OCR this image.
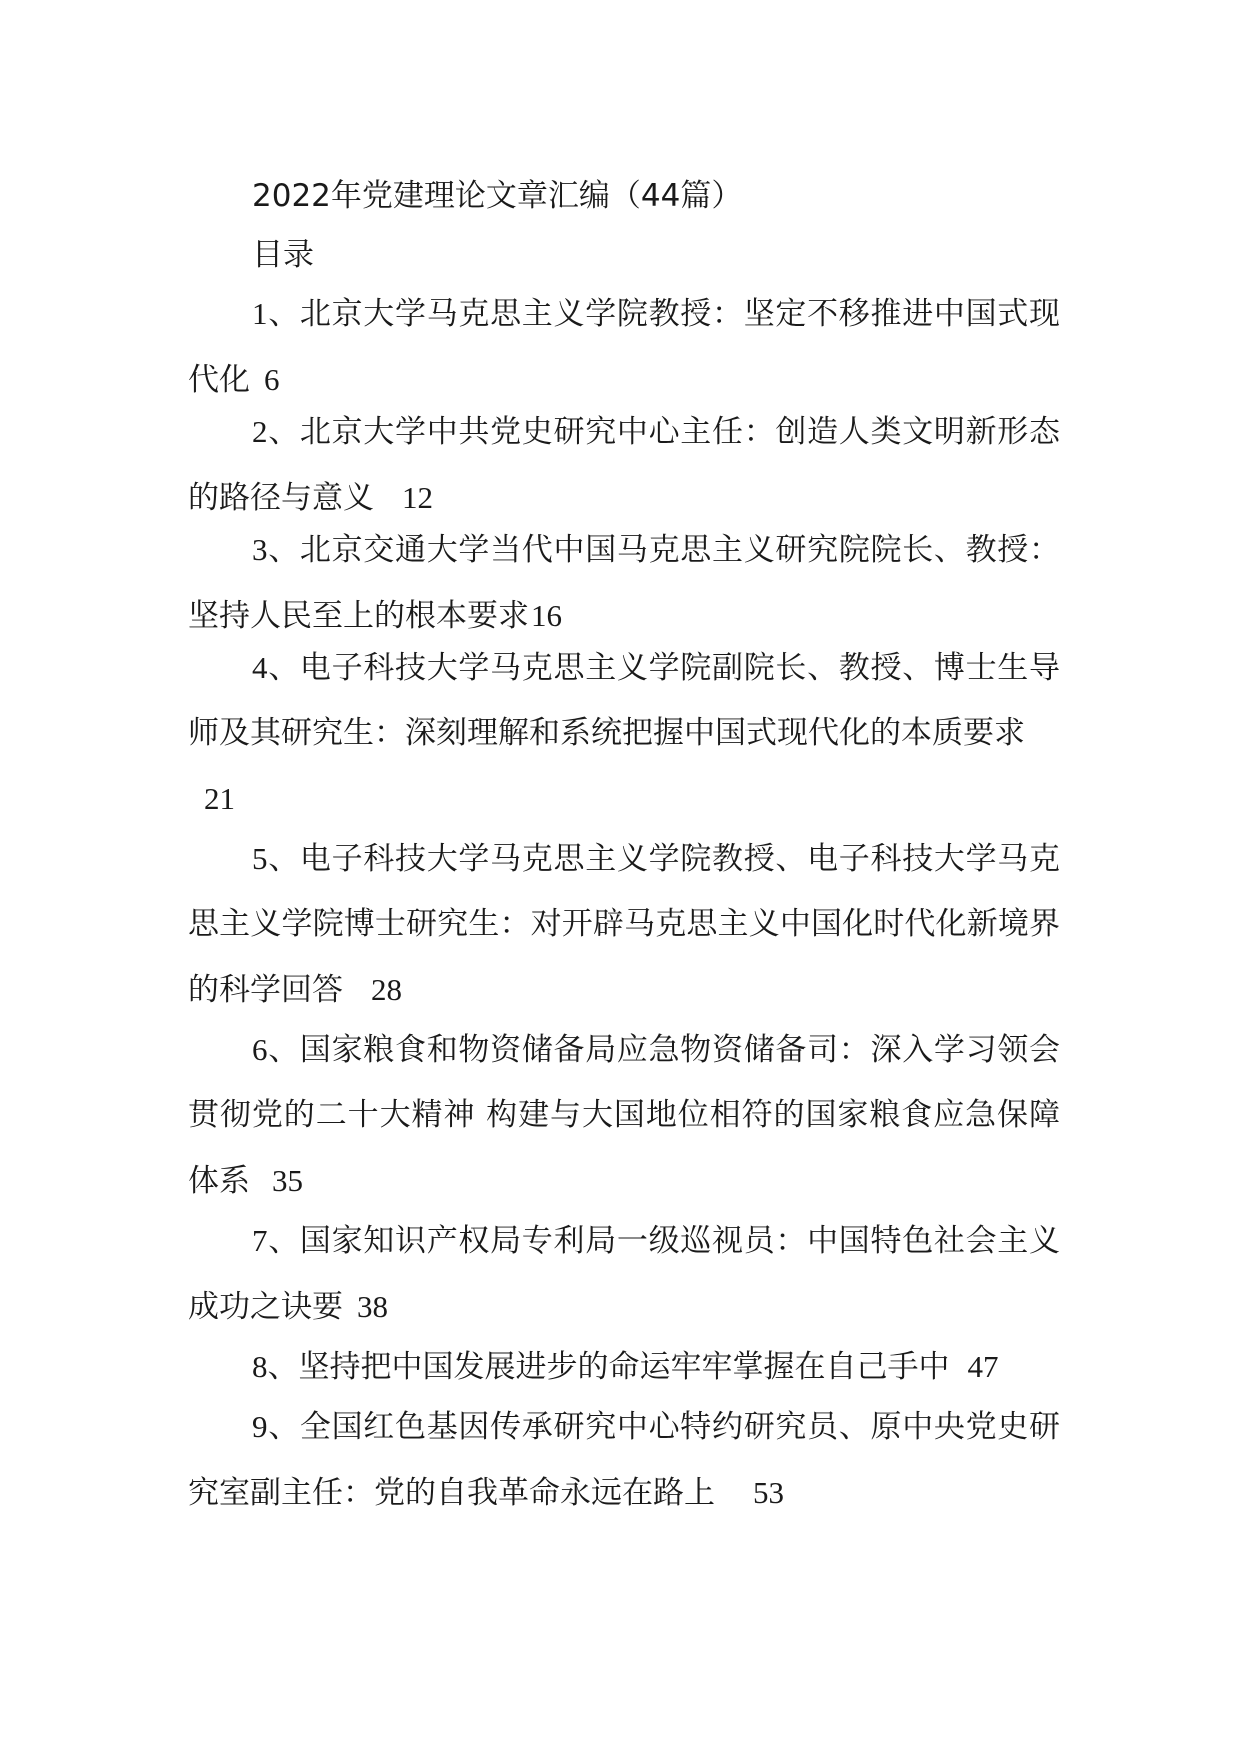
2022年党建理论文章汇编（44篇）

目录

1、北京大学马克思主义学院教授：坚定不移推进中国式现代化 6

2、北京大学中共党史研究中心主任：创造人类文明新形态的路径与意义 12

3、北京交通大学当代中国马克思主义研究院院长、教授：坚持人民至上的根本要求16

4、电子科技大学马克思主义学院副院长、教授、博士生导师及其研究生：深刻理解和系统把握中国式现代化的本质要求
21

5、电子科技大学马克思主义学院教授、电子科技大学马克思主义学院博士研究生：对开辟马克思主义中国化时代化新境界的科学回答 28

6、国家粮食和物资储备局应急物资储备司：深入学习领会贯彻党的二十大精神 构建与大国地位相符的国家粮食应急保障体系 35

7、国家知识产权局专利局一级巡视员：中国特色社会主义成功之诀要 38

8、坚持把中国发展进步的命运牢牢掌握在自己手中 47

9、全国红色基因传承研究中心特约研究员、原中央党史研究室副主任：党的自我革命永远在路上 53
